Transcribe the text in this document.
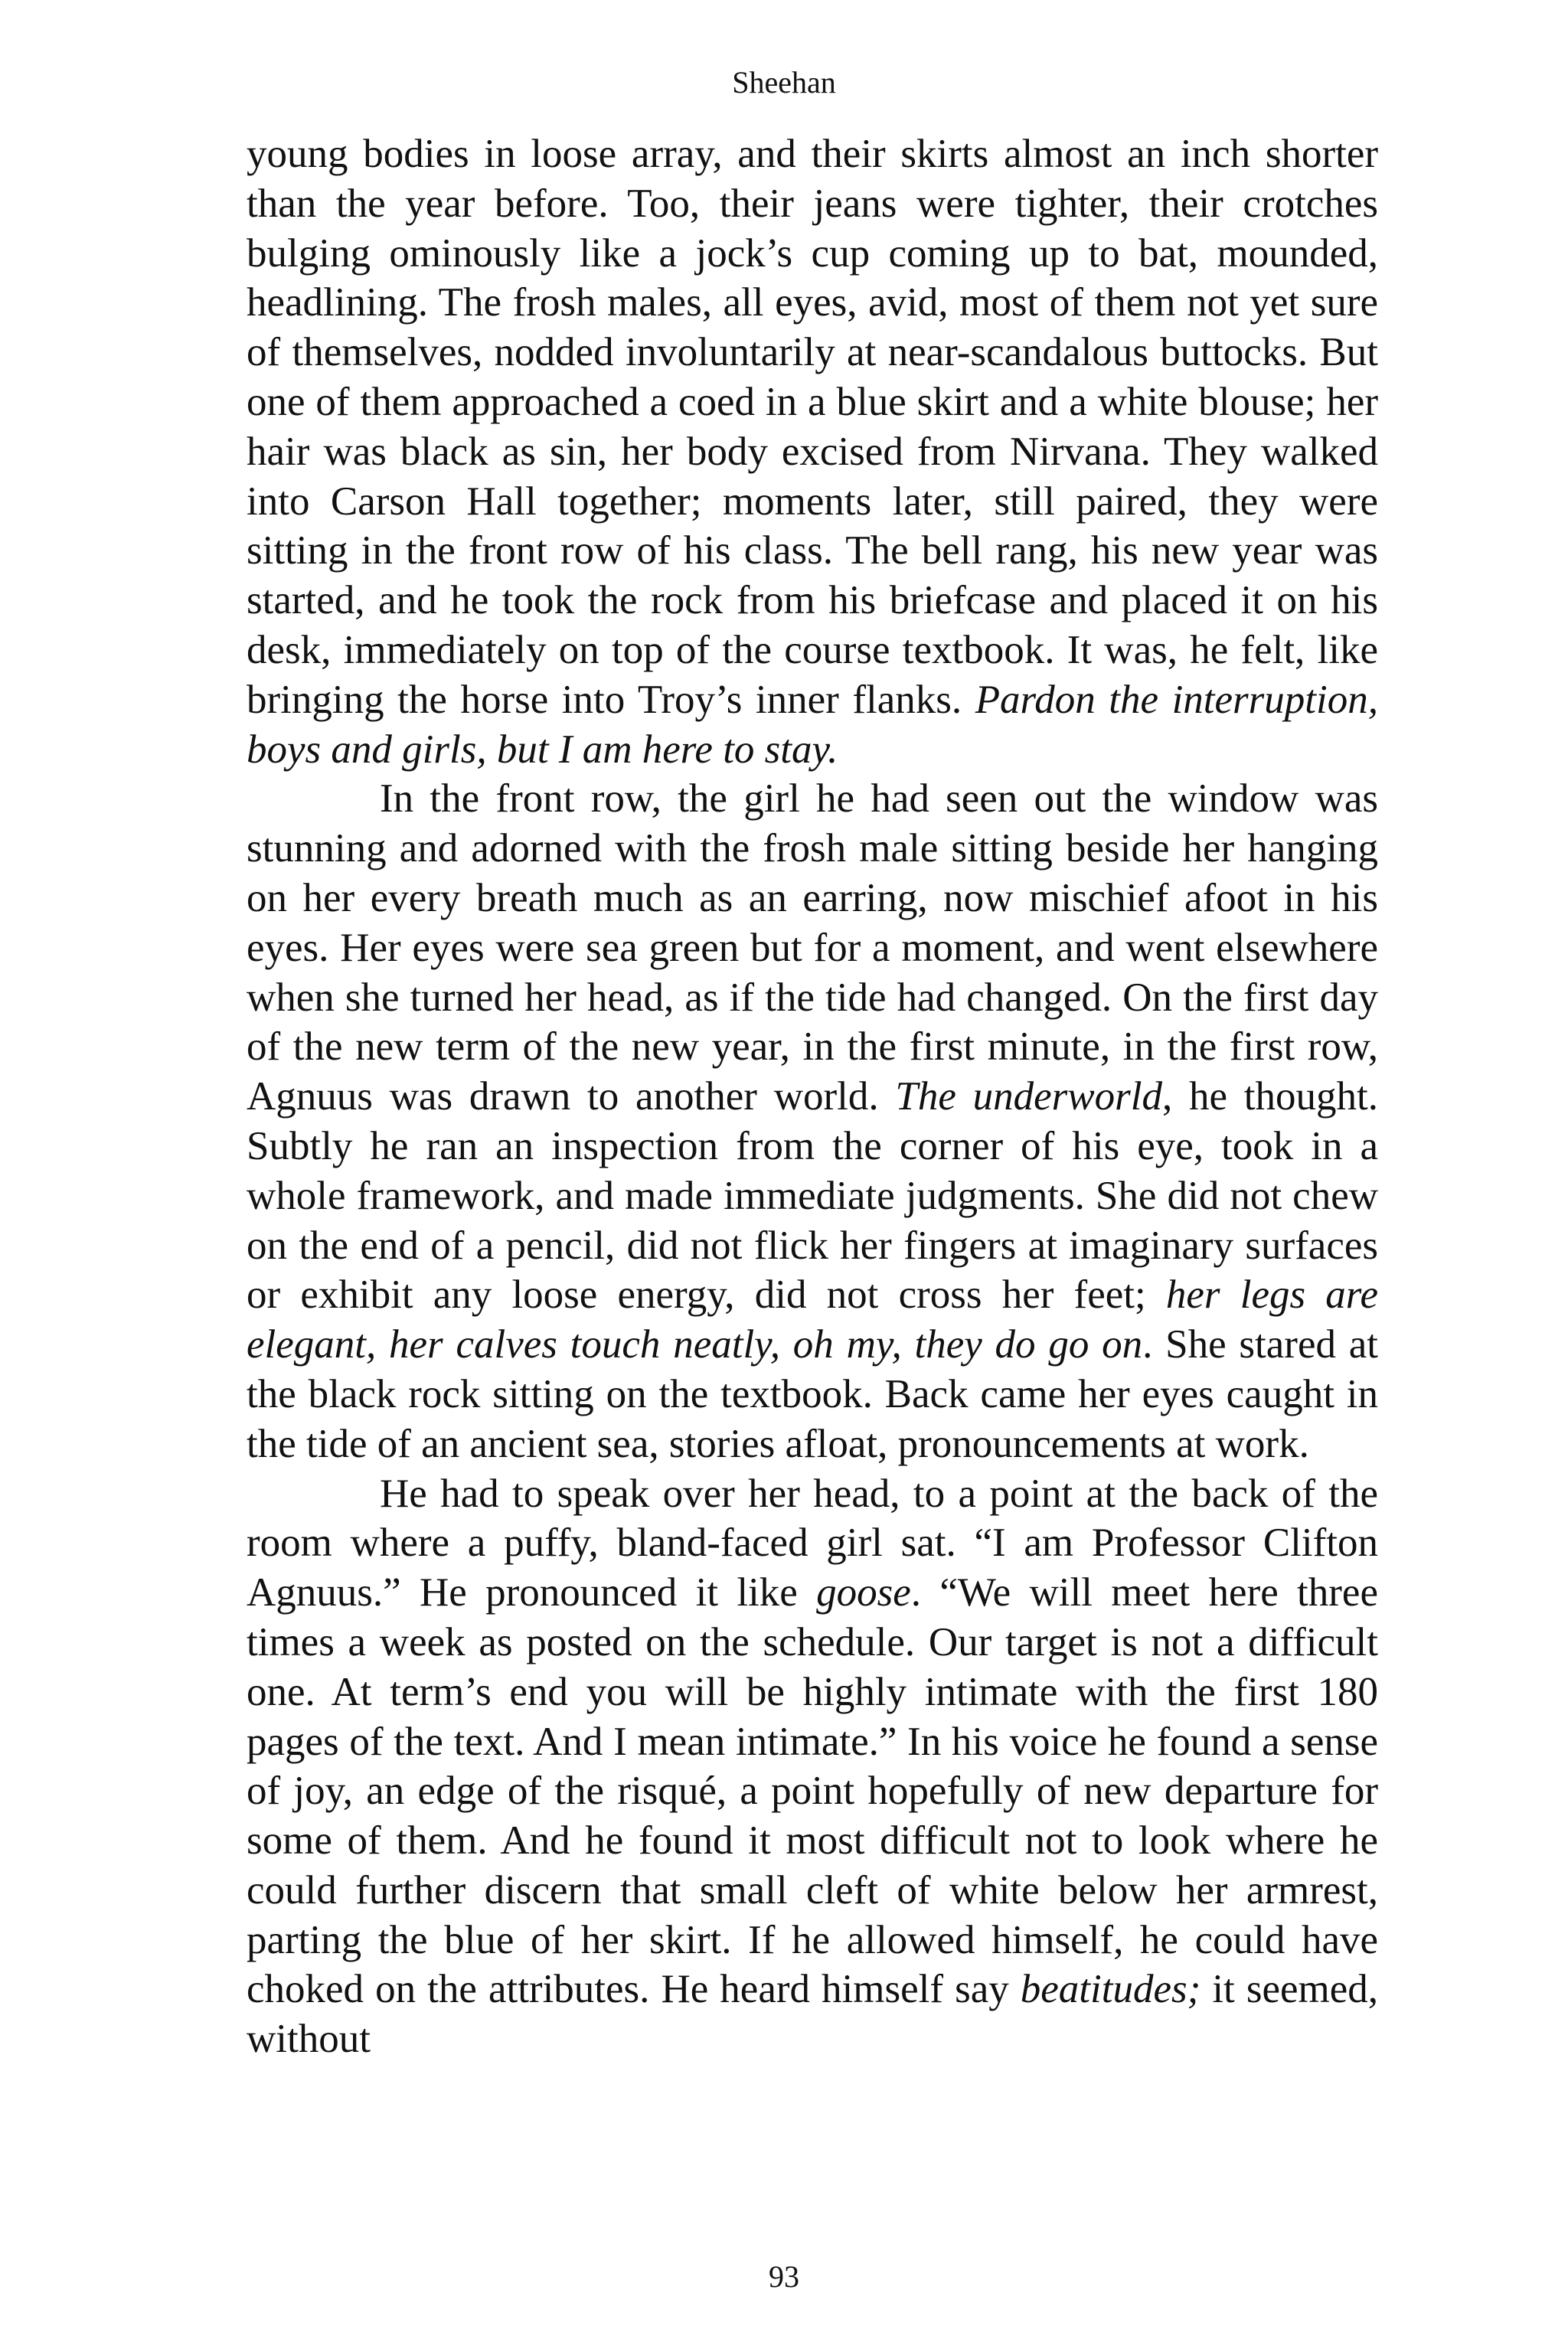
Sheehan

young bodies in loose array, and their skirts almost an inch shorter than the year before. Too, their jeans were tighter, their crotches bulging ominously like a jock’s cup coming up to bat, mounded, headlining. The frosh males, all eyes, avid, most of them not yet sure of themselves, nodded involuntarily at near-scandalous buttocks. But one of them approached a coed in a blue skirt and a white blouse; her hair was black as sin, her body excised from Nirvana. They walked into Carson Hall together; moments later, still paired, they were sitting in the front row of his class. The bell rang, his new year was started, and he took the rock from his briefcase and placed it on his desk, immediately on top of the course textbook. It was, he felt, like bringing the horse into Troy’s inner flanks. Pardon the interruption, boys and girls, but I am here to stay.

In the front row, the girl he had seen out the window was stunning and adorned with the frosh male sitting beside her hanging on her every breath much as an earring, now mischief afoot in his eyes. Her eyes were sea green but for a moment, and went elsewhere when she turned her head, as if the tide had changed. On the first day of the new term of the new year, in the first minute, in the first row, Agnuus was drawn to another world. The underworld, he thought. Subtly he ran an inspection from the corner of his eye, took in a whole framework, and made immediate judgments. She did not chew on the end of a pencil, did not flick her fingers at imaginary surfaces or exhibit any loose energy, did not cross her feet; her legs are elegant, her calves touch neatly, oh my, they do go on. She stared at the black rock sitting on the textbook. Back came her eyes caught in the tide of an ancient sea, stories afloat, pronouncements at work.

He had to speak over her head, to a point at the back of the room where a puffy, bland-faced girl sat. “I am Professor Clifton Agnuus.” He pronounced it like goose. “We will meet here three times a week as posted on the schedule. Our target is not a difficult one. At term’s end you will be highly intimate with the first 180 pages of the text. And I mean intimate.” In his voice he found a sense of joy, an edge of the risqué, a point hopefully of new departure for some of them. And he found it most difficult not to look where he could further discern that small cleft of white below her armrest, parting the blue of her skirt. If he allowed himself, he could have choked on the attributes. He heard himself say beatitudes; it seemed, without

93
